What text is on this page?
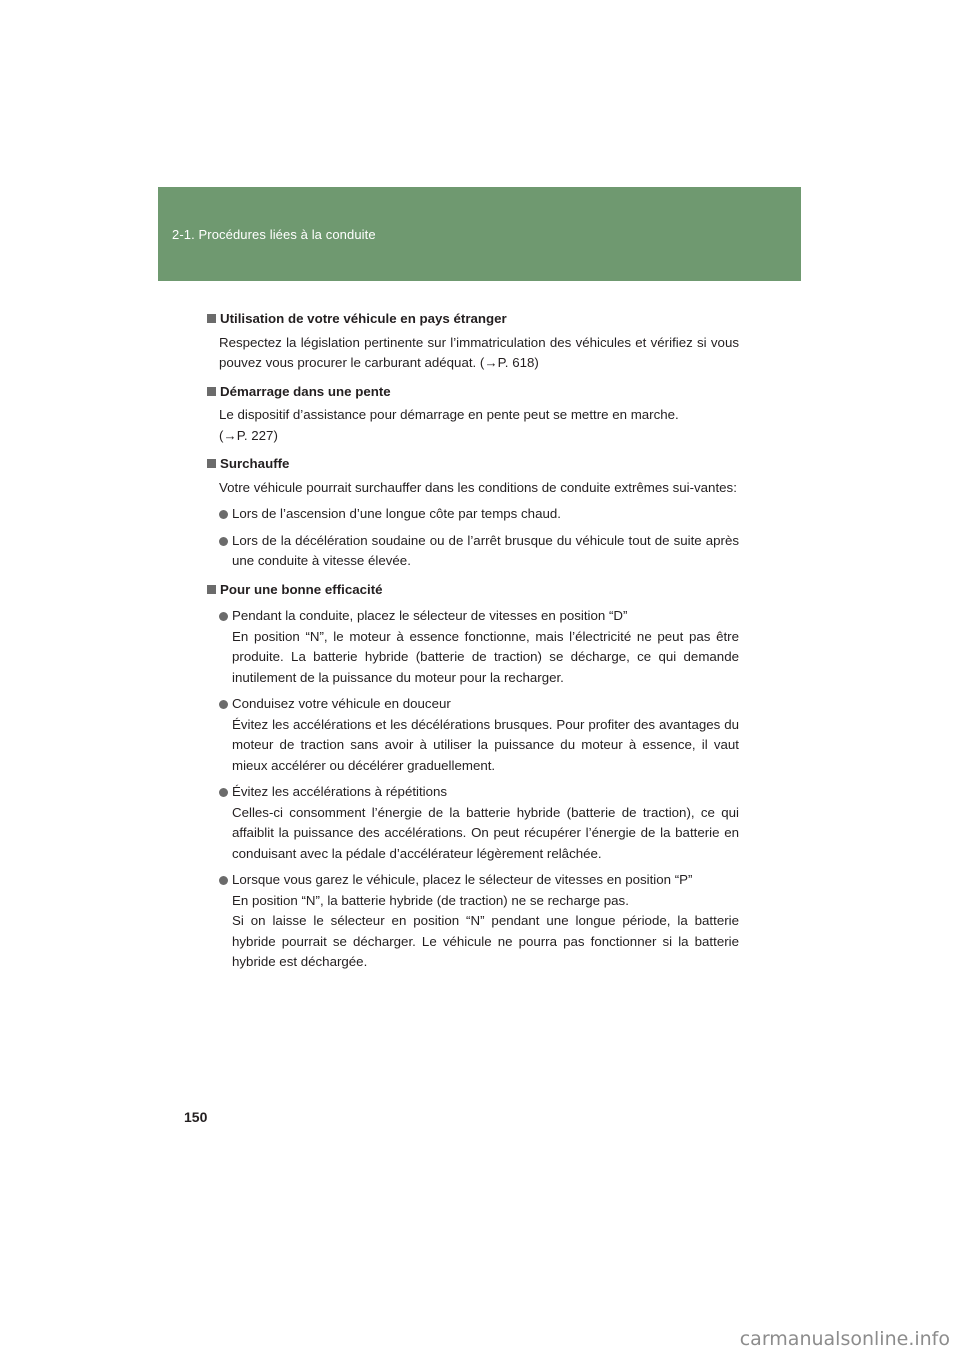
2-1. Procédures liées à la conduite
Utilisation de votre véhicule en pays étranger
Respectez la législation pertinente sur l’immatriculation des véhicules et vérifiez si vous pouvez vous procurer le carburant adéquat. (→P. 618)
Démarrage dans une pente
Le dispositif d’assistance pour démarrage en pente peut se mettre en marche.
(→P. 227)
Surchauffe
Votre véhicule pourrait surchauffer dans les conditions de conduite extrêmes sui-vantes:
Lors de l’ascension d’une longue côte par temps chaud.
Lors de la décélération soudaine ou de l’arrêt brusque du véhicule tout de suite après une conduite à vitesse élevée.
Pour une bonne efficacité
Pendant la conduite, placez le sélecteur de vitesses en position “D”
En position “N”, le moteur à essence fonctionne, mais l’électricité ne peut pas être produite. La batterie hybride (batterie de traction) se décharge, ce qui demande inutilement de la puissance du moteur pour la recharger.
Conduisez votre véhicule en douceur
Évitez les accélérations et les décélérations brusques. Pour profiter des avantages du moteur de traction sans avoir à utiliser la puissance du moteur à essence, il vaut mieux accélérer ou décélérer graduellement.
Évitez les accélérations à répétitions
Celles-ci consomment l’énergie de la batterie hybride (batterie de traction), ce qui affaiblit la puissance des accélérations. On peut récupérer l’énergie de la batterie en conduisant avec la pédale d’accélérateur légèrement relâchée.
Lorsque vous garez le véhicule, placez le sélecteur de vitesses en position “P”
En position “N”, la batterie hybride (de traction) ne se recharge pas.
Si on laisse le sélecteur en position “N” pendant une longue période, la batterie hybride pourrait se décharger. Le véhicule ne pourra pas fonctionner si la batterie hybride est déchargée.
150
carmanualsonline.info
